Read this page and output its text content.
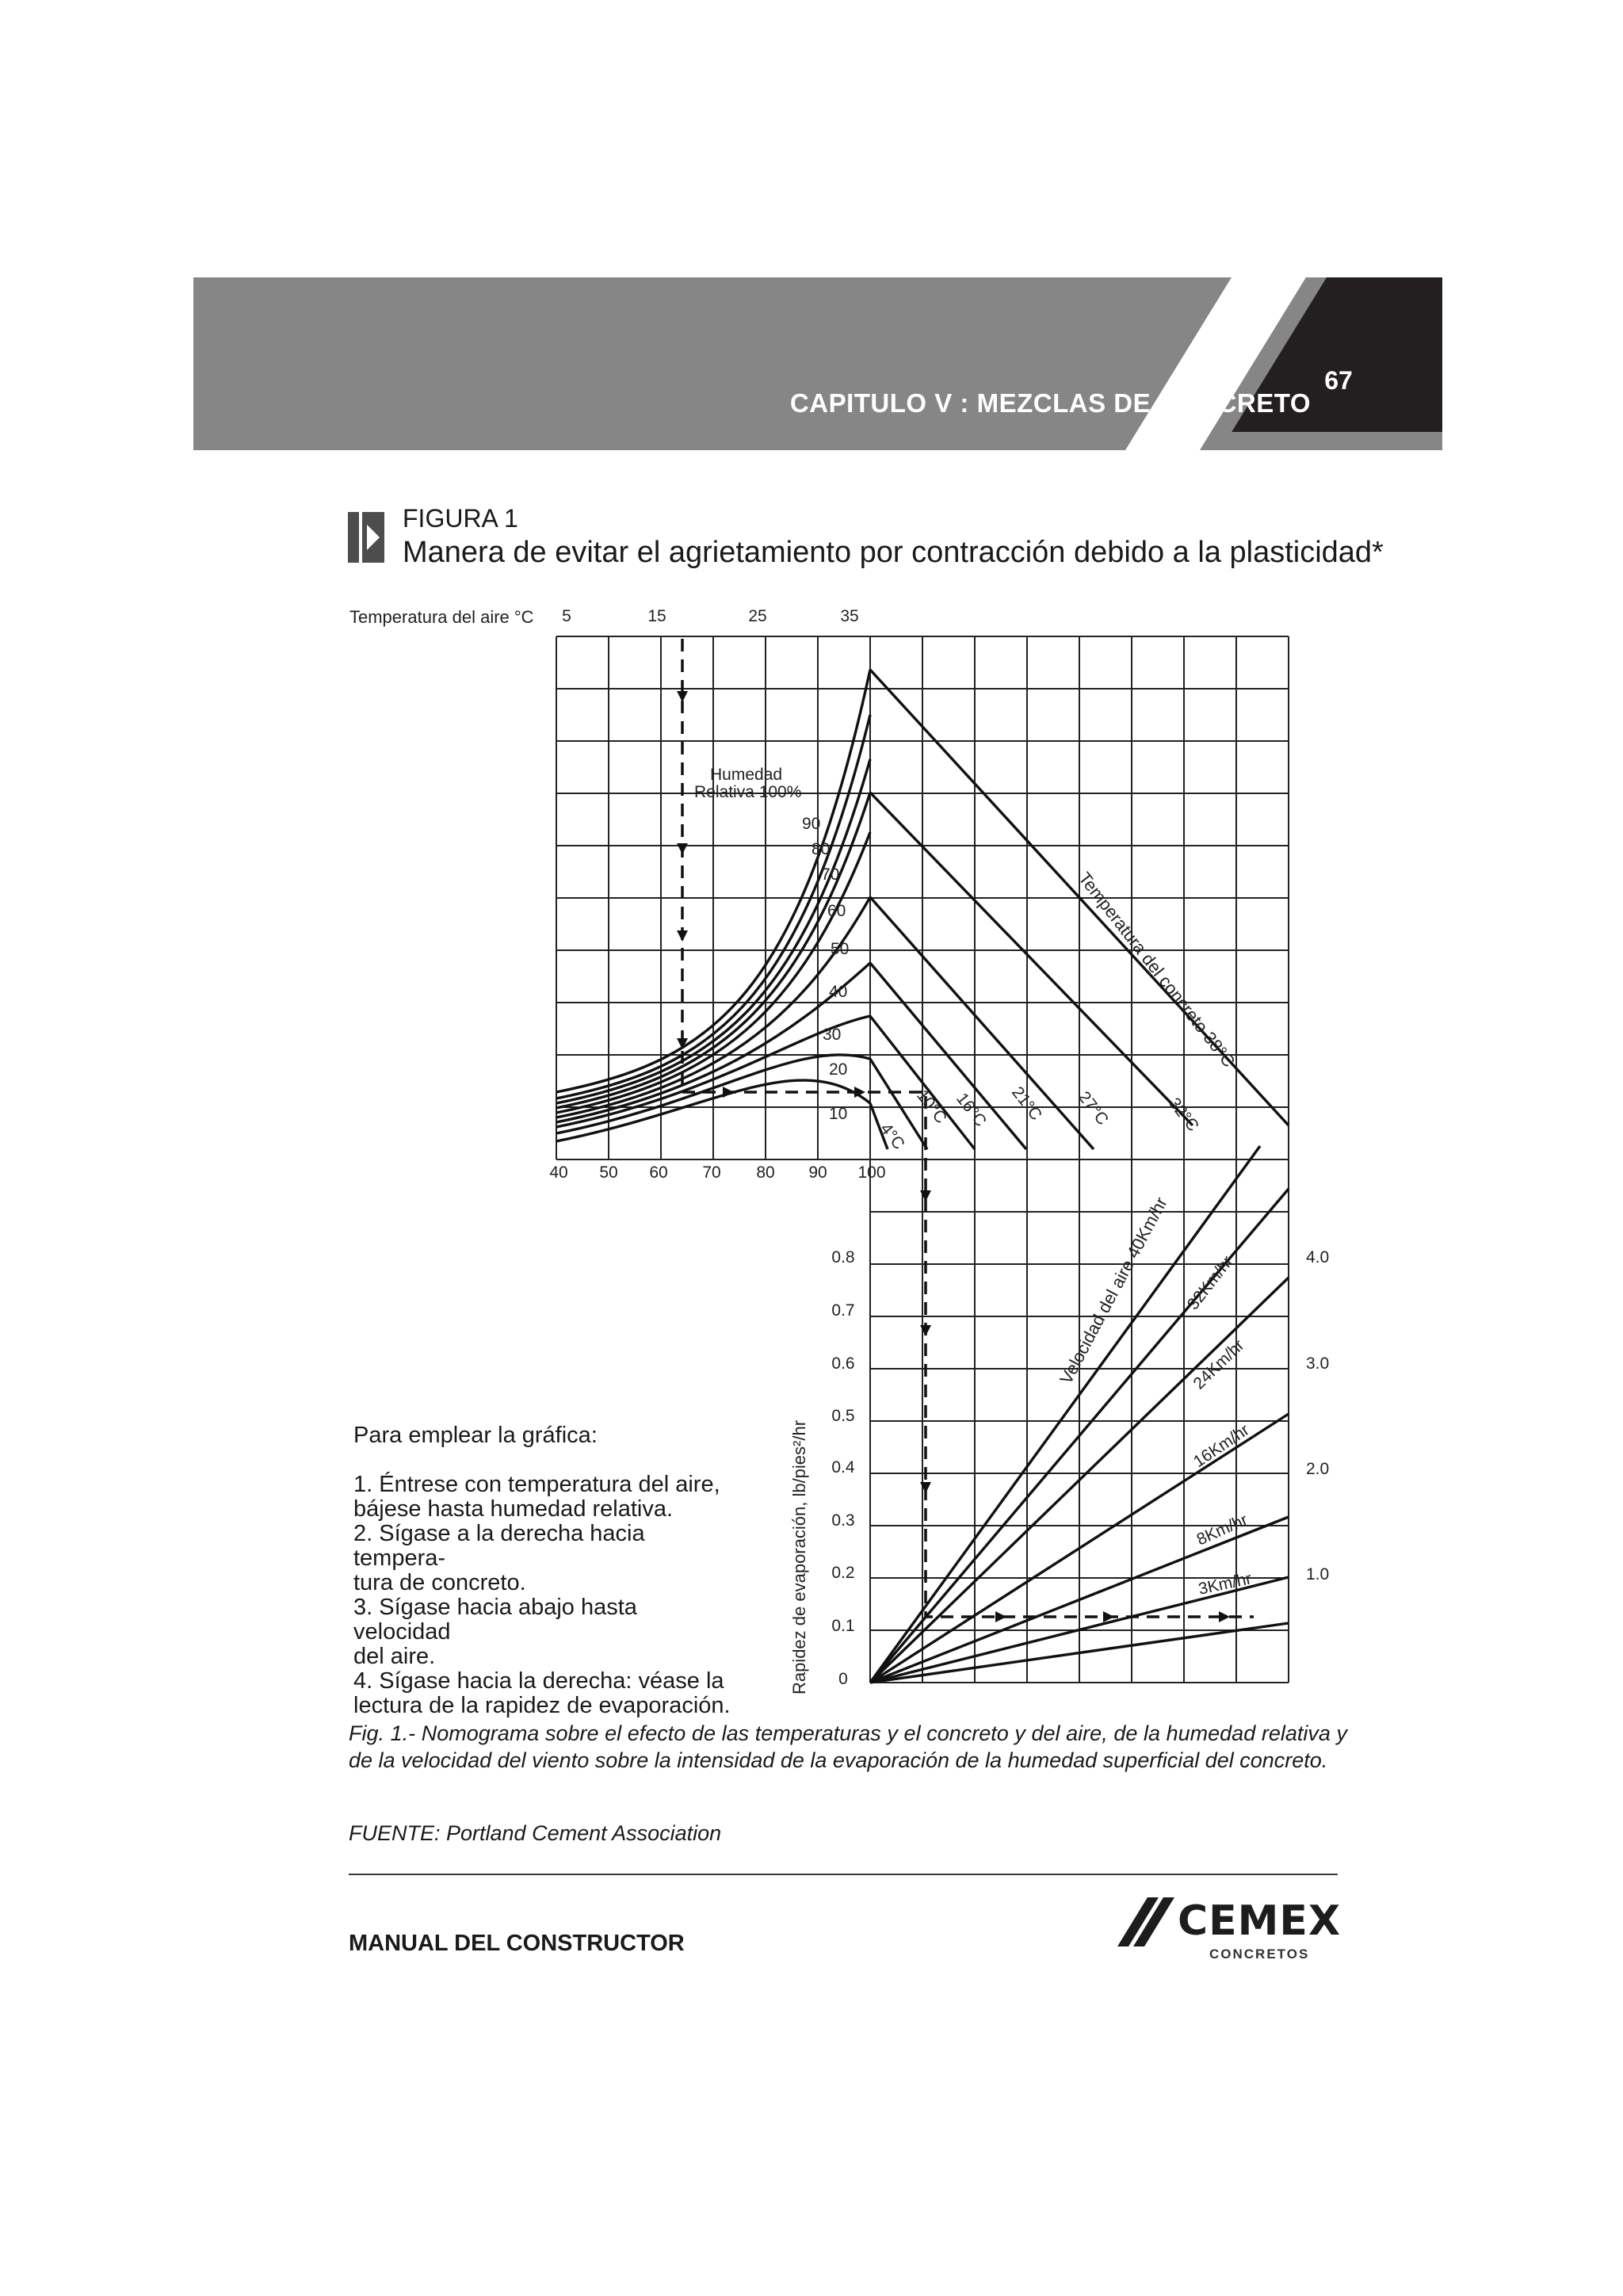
CAPITULO V : MEZCLAS DE CONCRETO
67
FIGURA 1
Manera de evitar el agrietamiento por contracción debido a la plasticidad*
Temperatura del aire °C 5	15	25	35
40 50 60 70 80 90 100
Humedad
Relativa 100%
90
80
70
60
50
40
30
20
10
Temperatura del concreto 38°C
4°C
10°C 16°C 21°C 27°C	32°C
Rapidez de evaporación, lb/pies²/hr 0
0.1
0.2
0.3
0.4
0.5
0.6
0.7
0.8
1.0
2.0
3.0
4.0
Velocidad del aire 40Km/hr 32Km/hr
24Km/hr
16Km/hr
8Km/hr
3Km/hr
Para emplear la gráfica:
1. Éntrese con temperatura del aire,
bájese hasta humedad relativa.
2. Sígase a la derecha hacia tempera-
tura de concreto.
3. Sígase hacia abajo hasta velocidad
del aire.
4. Sígase hacia la derecha: véase la
lectura de la rapidez de evaporación.
Fig. 1.- Nomograma sobre el efecto de las temperaturas y el concreto y del aire, de la humedad relativa y de la velocidad del viento sobre la intensidad de la evaporación de la humedad superficial del concreto.
FUENTE: Portland Cement Association
MANUAL DEL CONSTRUCTOR	CEMEX
CONCRETOS
